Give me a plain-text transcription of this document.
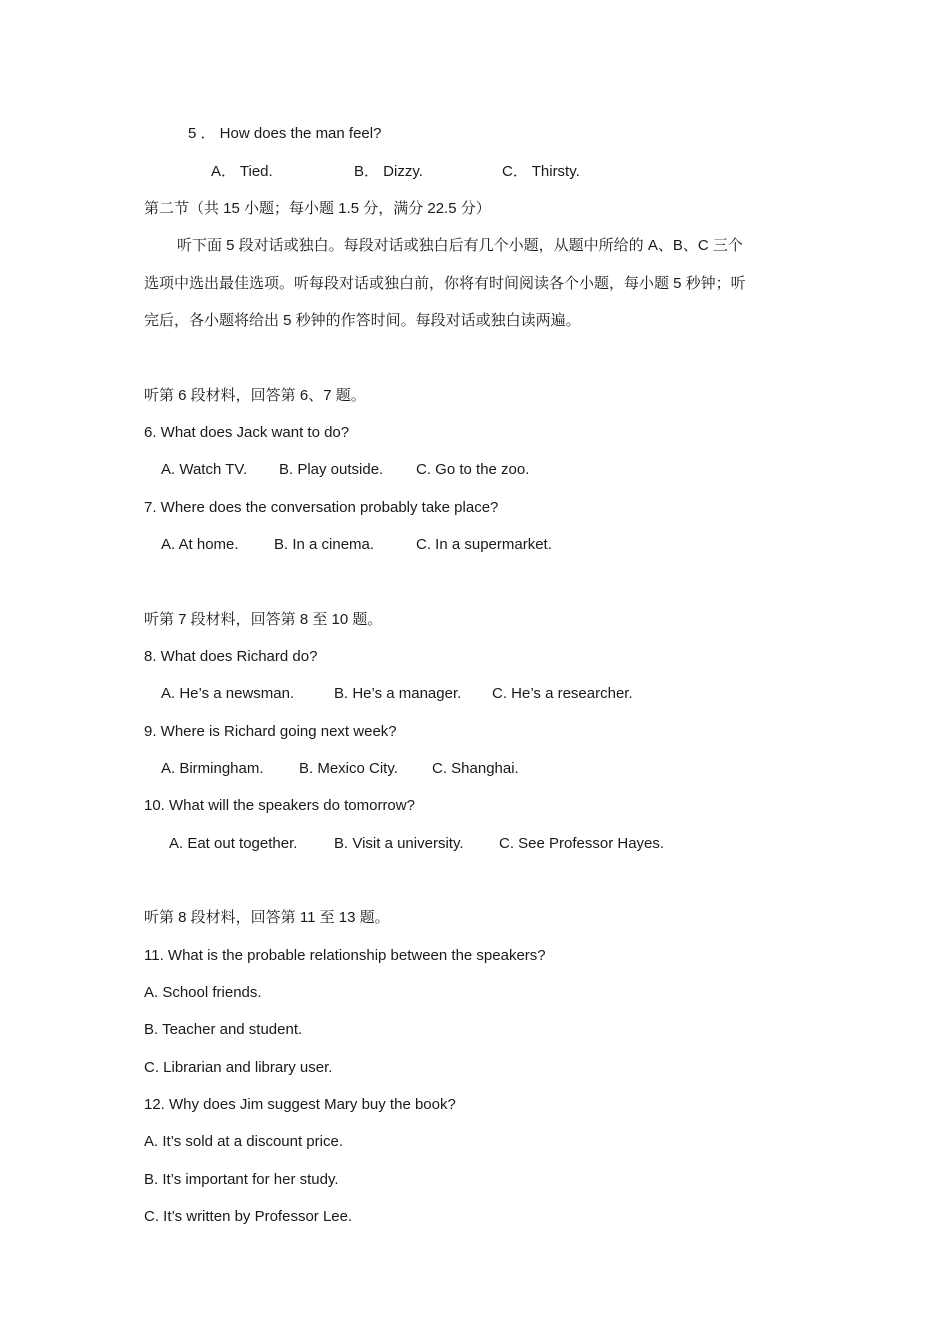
5 ． How does the man feel?
A． Tied.	B． Dizzy.	C． Thirsty.
第二节（共 15 小题；每小题 1.5 分，满分 22.5 分）
听下面 5 段对话或独白。每段对话或独白后有几个小题，从题中所给的 A、B、C 三个
选项中选出最佳选项。听每段对话或独白前，你将有时间阅读各个小题，每小题 5 秒钟；听
完后，各小题将给出 5 秒钟的作答时间。每段对话或独白读两遍。
听第 6 段材料，回答第 6、7 题。
6. What does Jack want to do?
A. Watch TV. B. Play outside. C. Go to the zoo.
7. Where does the conversation probably take place?
A. At home. B. In a cinema.	C. In a supermarket.
听第 7 段材料，回答第 8 至 10 题。
8. What does Richard do?
A. He’s a newsman.	B. He’s a manager. C. He’s a researcher.
9. Where is Richard going next week?
A. Birmingham. B. Mexico City. C. Shanghai.
10. What will the speakers do tomorrow?
A. Eat out together. B. Visit a university. C. See Professor Hayes.
听第 8 段材料，回答第 11 至 13 题。
11. What is the probable relationship between the speakers?
A. School friends.
B. Teacher and student.
C. Librarian and library user.
12. Why does Jim suggest Mary buy the book?
A. It’s sold at a discount price.
B. It’s important for her study.
C. It’s written by Professor Lee.
